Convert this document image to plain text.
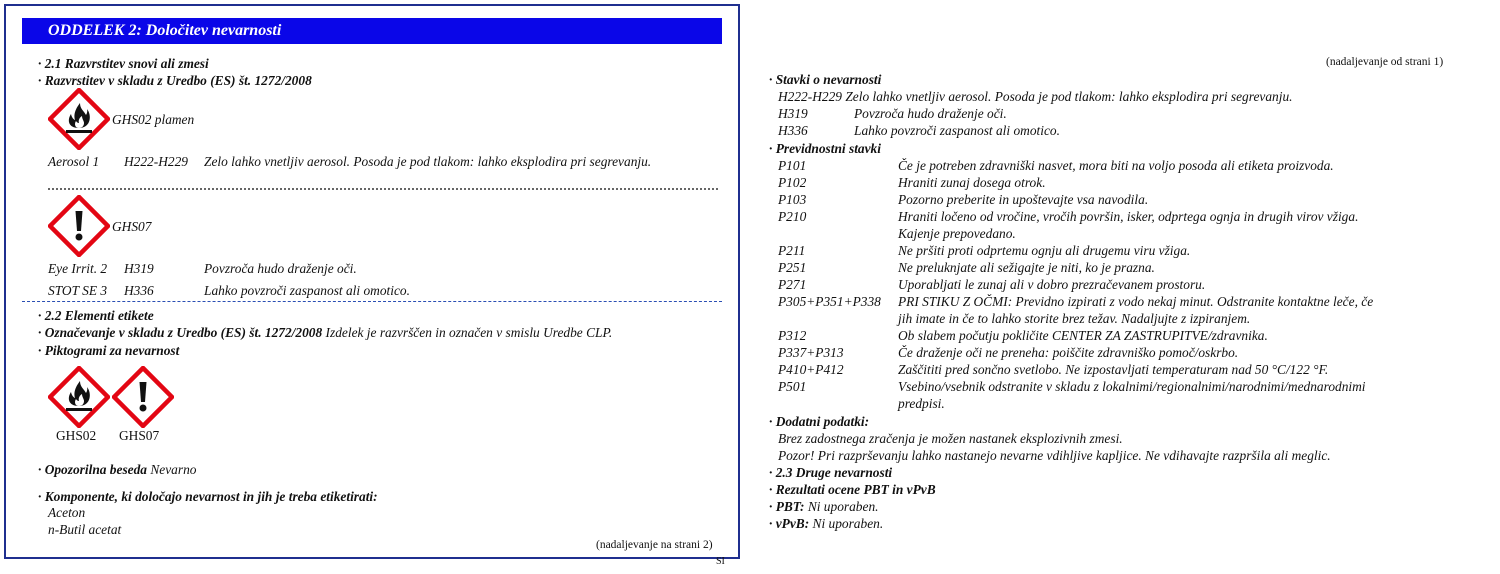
ODDELEK 2: Določitev nevarnosti
· 2.1 Razvrstitev snovi ali zmesi
· Razvrstitev v skladu z Uredbo (ES) št. 1272/2008
GHS02 plamen
Aerosol 1 H222-H229 Zelo lahko vnetljiv aerosol. Posoda je pod tlakom: lahko eksplodira pri segrevanju.
GHS07
Eye Irrit. 2 H319	Povzroča hudo draženje oči.
STOT SE 3 H336	Lahko povzroči zaspanost ali omotico.
· 2.2 Elementi etikete
· Označevanje v skladu z Uredbo (ES) št. 1272/2008 Izdelek je razvrščen in označen v smislu Uredbe CLP.
· Piktogrami za nevarnost
GHS02 GHS07
· Opozorilna beseda Nevarno
· Komponente, ki določajo nevarnost in jih je treba etiketirati:
Aceton
n-Butil acetat
(nadaljevanje na strani 2)
SI
(nadaljevanje od strani 1)
· Stavki o nevarnosti
H222-H229 Zelo lahko vnetljiv aerosol. Posoda je pod tlakom: lahko eksplodira pri segrevanju.
H319	Povzroča hudo draženje oči.
H336	Lahko povzroči zaspanost ali omotico.
P101	Če je potreben zdravniški nasvet, mora biti na voljo posoda ali etiketa proizvoda.
P102	Hraniti zunaj dosega otrok.
P103	Pozorno preberite in upoštevajte vsa navodila.
P210	Hraniti ločeno od vročine, vročih površin, isker, odprtega ognja in drugih virov vžiga.
Kajenje prepovedano.
P211	Ne pršiti proti odprtemu ognju ali drugemu viru vžiga.
P251	Ne preluknjate ali sežigajte je niti, ko je prazna.
P271	Uporabljati le zunaj ali v dobro prezračevanem prostoru.
P305+P351+P338 PRI STIKU Z OČMI: Previdno izpirati z vodo nekaj minut. Odstranite kontaktne leče, če
jih imate in če to lahko storite brez težav. Nadaljujte z izpiranjem.
P312	Ob slabem počutju pokličite CENTER ZA ZASTRUPITVE/zdravnika.
P337+P313	Če draženje oči ne preneha: poiščite zdravniško pomoč/oskrbo.
P410+P412	Zaščititi pred sončno svetlobo. Ne izpostavljati temperaturam nad 50 °C/122 °F.
P501	Vsebino/vsebnik odstranite v skladu z lokalnimi/regionalnimi/narodnimi/mednarodnimi
predpisi.
· Previdnostni stavki
· Dodatni podatki:
Brez zadostnega zračenja je možen nastanek eksplozivnih zmesi.
Pozor! Pri razprševanju lahko nastanejo nevarne vdihljive kapljice. Ne vdihavajte razpršila ali meglic.
· 2.3 Druge nevarnosti
· Rezultati ocene PBT in vPvB
· PBT: Ni uporaben.
· vPvB: Ni uporaben.
